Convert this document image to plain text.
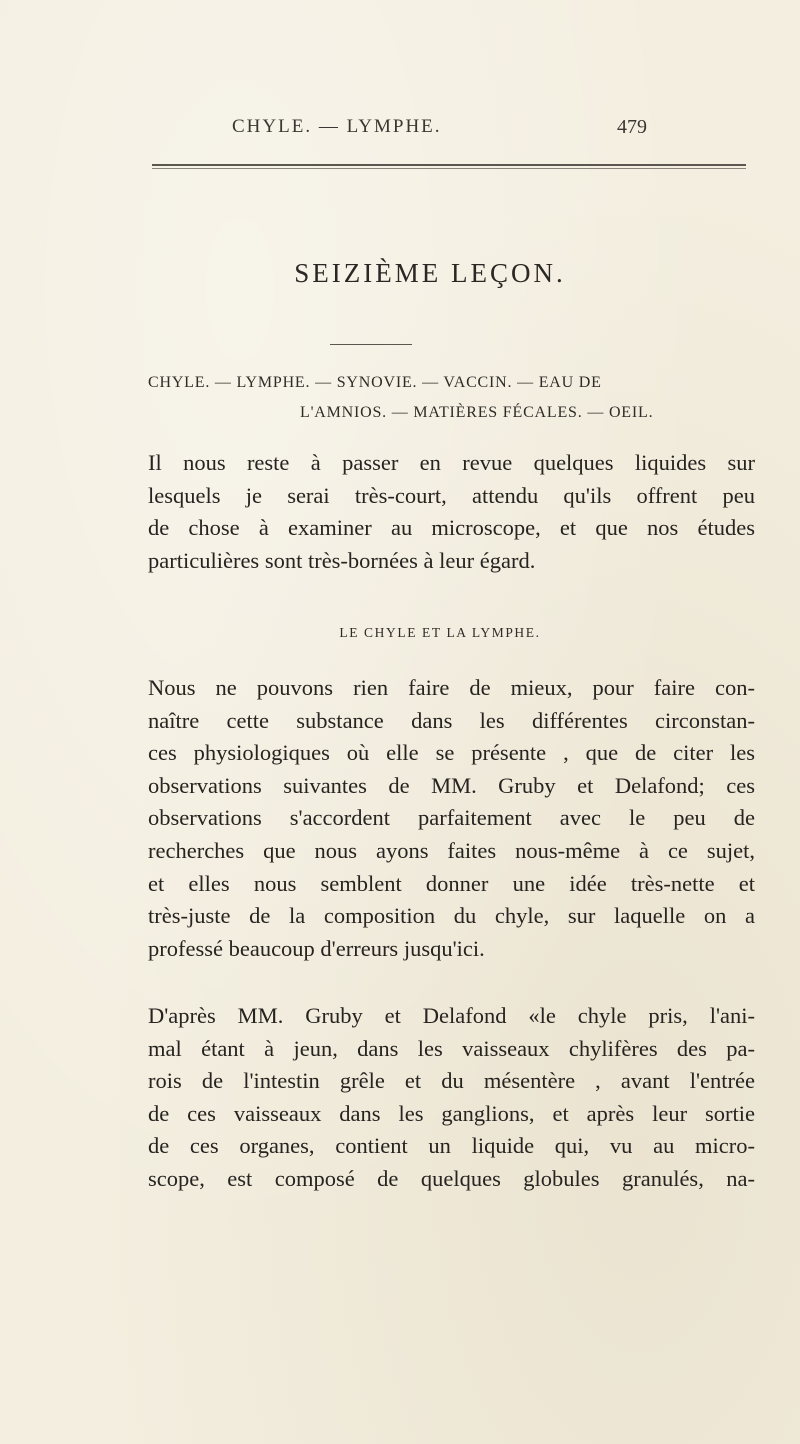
CHYLE. — LYMPHE.	479
SEIZIÈME LEÇON.
CHYLE. — LYMPHE. — SYNOVIE. — VACCIN. — EAU DE
L'AMNIOS. — MATIÈRES FÉCALES. — OEIL.
Il nous reste à passer en revue quelques liquides sur
lesquels je serai très-court, attendu qu'ils offrent peu
de chose à examiner au microscope, et que nos études
particulières sont très-bornées à leur égard.
LE CHYLE ET LA LYMPHE.
Nous ne pouvons rien faire de mieux, pour faire con-
naître cette substance dans les différentes circonstan-
ces physiologiques où elle se présente , que de citer les
observations suivantes de MM. Gruby et Delafond; ces
observations s'accordent parfaitement avec le peu de
recherches que nous ayons faites nous-même à ce sujet,
et elles nous semblent donner une idée très-nette et
très-juste de la composition du chyle, sur laquelle on a
professé beaucoup d'erreurs jusqu'ici.
D'après MM. Gruby et Delafond «le chyle pris, l'ani-
mal étant à jeun, dans les vaisseaux chylifères des pa-
rois de l'intestin grêle et du mésentère , avant l'entrée
de ces vaisseaux dans les ganglions, et après leur sortie
de ces organes, contient un liquide qui, vu au micro-
scope, est composé de quelques globules granulés, na-
